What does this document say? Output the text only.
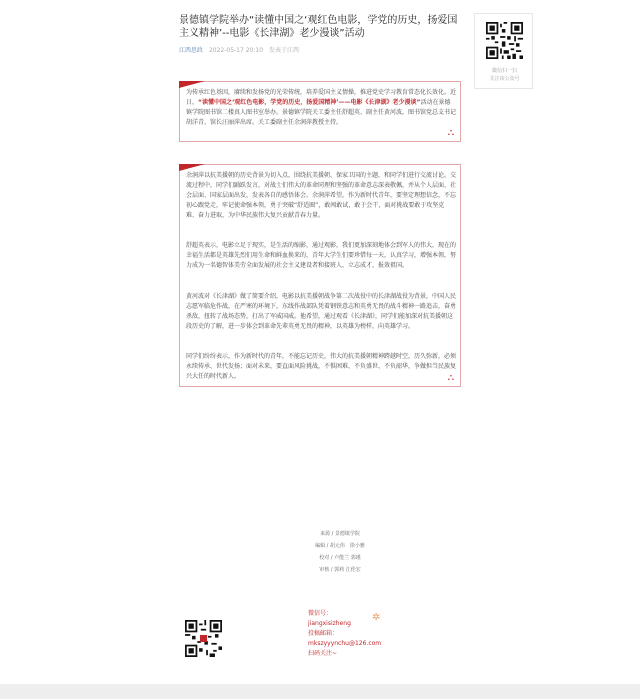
景德镇学院举办“读懂中国之‘观红色电影，学党的历史，扬爱国主义精神’--电影《长津湖》老少漫谈”活动
江西思政 2022-05-17 20:10 发表于江西
微信扫一扫
关注该公众号
为传承红色基因，赓续和发扬党的光荣传统，培养爱国主义情操，推进党史学习教育常态化长效化。近日，“读懂中国之‘观红色电影，学党的历史，扬爱国精神’——电影《长津湖》老少漫谈”活动在景德镇学院图书馆二楼真人图书室举办。景德镇学院关工委主任舒超英、副主任黄河波，图书馆党总支书记胡洋青、馆长汪丽萍出席。关工委副主任余润萍教授主持。
⛬
余润萍以抗美援朝的历史背景为切入点，围绕抗美援朝、保家卫国的主题，和同学们进行交流讨论。交流过程中，同学们踊跃发言，对战士们伟大的革命同理和坚强的革命意志深表敬佩，并从个人层面、社会层面、国家层面出发，发表各自的感悟体会。余润萍希望，作为新时代青年，要坚定理想信念，不忘初心跟党走，牢记使命强本领，勇于突破“舒适圈”，敢闯敢试，敢于会干，面对挑战要敢于攻坚克难、奋力进取，为中华民族伟大复兴贡献青春力量。
舒超英表示，电影立足于现实，是生活的缩影，通过观影，我们更加深刻地体会到军人的伟大，现在的幸福生活都是英雄先烈们用生命和鲜血换来的，青年大学生们要珍惜每一天，认真学习，增强本领，努力成为一名德智体美劳全面发展的社会主义建设者和接班人，立志成才，报效祖国。
黄河波对《长津湖》做了简要介绍，电影以抗美援朝战争第二次战役中的长津湖战役为背景，中国人民志愿军临危作战，在严寒的环境下，东线作战部队凭着钢铁意志和英勇无畏的战斗精神一路追击，奋勇杀敌，扭转了战场态势，打出了军威国威。他希望，通过观看《长津湖》，同学们能加深对抗美援朝这段历史的了解，进一步体会到革命先辈英勇无畏的精神，以英雄为榜样，向英雄学习。
同学们纷纷表示，作为新时代的青年，不能忘记历史，伟大的抗美援朝精神跨越时空，历久弥新，必须永续传承、世代发扬；面对未来，要直面风险挑战，不惧困难、不负盛世、不负韶华，争做担当民族复兴大任的时代新人。	⛬
来源 / 景德镇学院
编辑 / 胡元伟　徐小雅
校对 / 卢能兰 郭瑾
审核 / 郭莉 江伦宏
微信号：
jiangxisizheng
投稿邮箱：
mkszyyynchu@126.com
扫码关注~
✲
